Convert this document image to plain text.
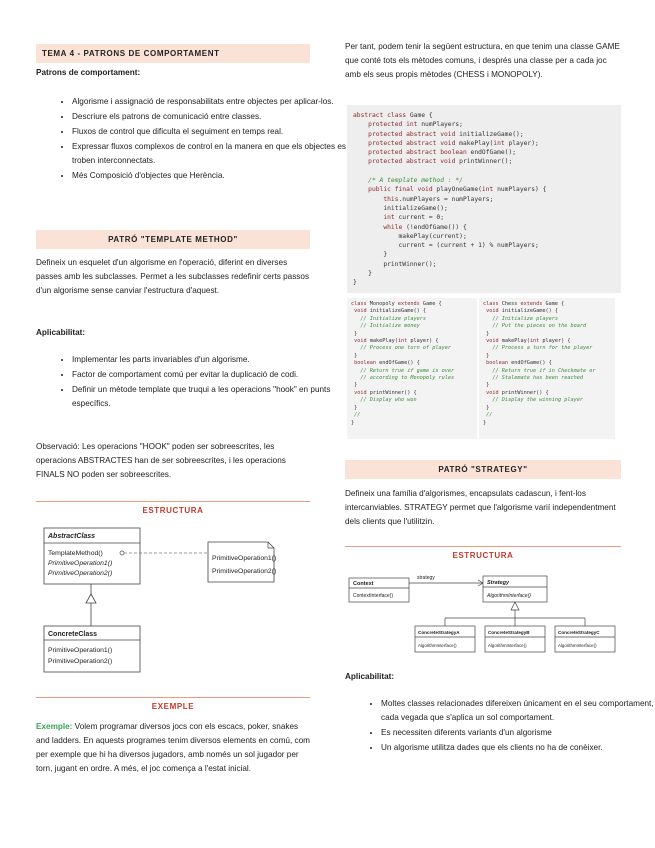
TEMA 4 - PATRONS DE COMPORTAMENT

Patrons de comportament:

• Algorisme i assignació de responsabilitats entre objectes per aplicar-los.
• Descriure els patrons de comunicació entre classes.
• Fluxos de control que dificulta el seguiment en temps real.
• Expressar fluxos complexos de control en la manera en que els objectes es troben interconnectats.
• Més Composició d'objectes que Herència.
PATRÓ "TEMPLATE METHOD"

Defineix un esquelet d'un algorisme en l'operació, diferint en diverses passes amb les subclasses. Permet a les subclasses redefinir certs passos d'un algorisme sense canviar l'estructura d'aquest.

Aplicabilitat:

• Implementar les parts invariables d'un algorisme.
• Factor de comportament comú per evitar la duplicació de codi.
• Definir un mètode template que truqui a les operacions "hook" en punts específics.

Observació: Les operacions "HOOK" poden ser sobreescrites, les operacions ABSTRACTES han de ser sobreescrites, i les operacions FINALS NO poden ser sobreescrites.

ESTRUCTURA
AbstractClass
TemplateMethod()
PrimitiveOperation1()
PrimitiveOperation2()
PrimitiveOperation1()
PrimitiveOperation2()
ConcreteClass
PrimitiveOperation1()
PrimitiveOperation2()
EXEMPLE

Exemple: Volem programar diversos jocs con els escacs, poker, snakes and ladders. En aquests programes tenim diversos elements en comú, com per exemple que hi ha diversos jugadors, amb només un sol jugador per torn, jugant en ordre. A més, el joc comença a l'estat inicial.

Per tant, podem tenir la següent estructura, en que tenim una classe GAME que conté tots els mètodes comuns, i després una classe per a cada joc amb els seus propis mètodes (CHESS i MONOPOLY).

abstract class Game {
protected int numPlayers;
protected abstract void initializeGame();
protected abstract void makePlay(int player);
protected abstract boolean endOfGame();
protected abstract void printWinner();

/* A template method : */
public final void playOneGame(int numPlayers) {
this.numPlayers = numPlayers;
initializeGame();
int current = 0;
while (!endOfGame()) {
makePlay(current);
current = (current + 1) % numPlayers;
}
printWinner();
}
}
class Monopoly extends Game {
void initializeGame() {
// Initialize players
// Initialize money
}
void makePlay(int player) {
// Process one turn of player
}
boolean endOfGame() {
// Return true if game is over
// according to Monopoly rules
}
void printWinner() {
// Display who won
}
//
}
class Chess extends Game {
void initializeGame() {
// Initialize players
// Put the pieces on the board
}
void makePlay(int player) {
// Process a turn for the player
}
boolean endOfGame() {
// Return true if in Checkmate or
// Stalemate has been reached
}
void printWinner() {
// Display the winning player
}
//
}
PATRÓ "STRATEGY"

Defineix una família d'algorismes, encapsulats cadascun, i fent-los intercanviables. STRATEGY permet que l'algorisme varií independentment dels clients que l'utilitzin.

ESTRUCTURA
Context
ContextInterface()
strategy
Strategy
AlgorithmInterface()
ConcreteStrategyA
AlgorithmInterface()
ConcreteStrategyB
AlgorithmInterface()
ConcreteStrategyC
AlgorithmInterface()

Aplicabilitat:

• Moltes classes relacionades difereixen únicament en el seu comportament, cada vegada que s'aplica un sol comportament.
• Es necessiten diferents variants d'un algorisme
• Un algorisme utilitza dades que els clients no ha de conèixer.
